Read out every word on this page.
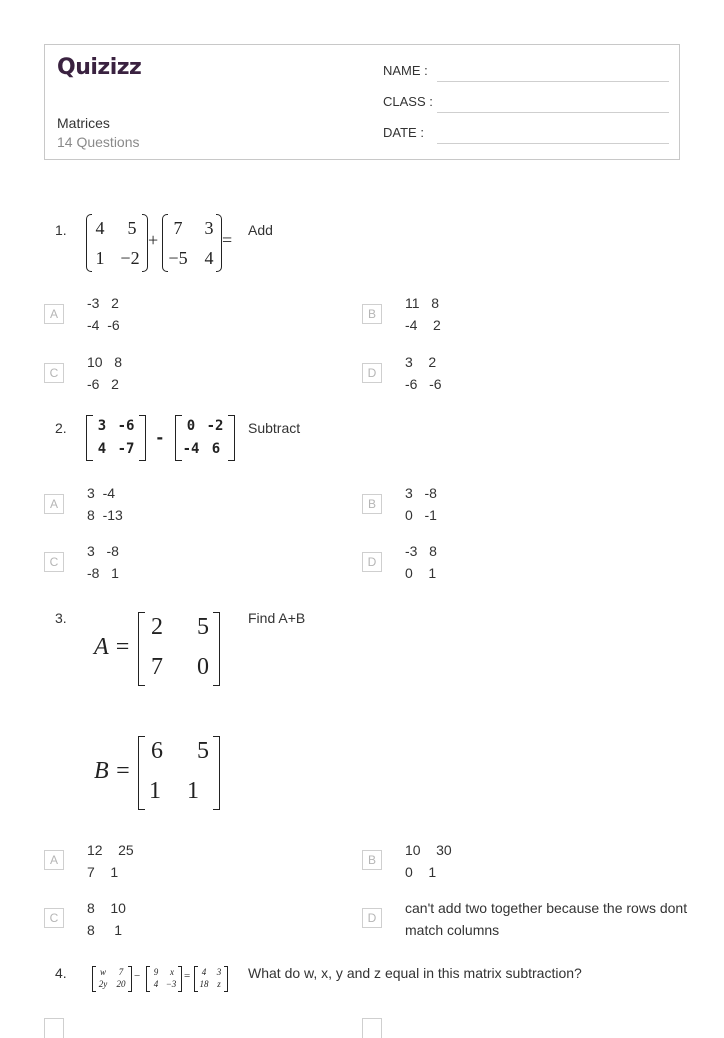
Quizizz
Matrices
14 Questions
NAME :
CLASS :
DATE :
1.	4	5
1 −2
+
7	3
−5 4
= Add
A
-3   2
-4  -6
B
11   8
-4    2
C
10   8
-6   2
D
3    2
-6   -6
2. 3 -6
4 -7
-
0 -2
-4 6
Subtract
A
3  -4
8  -13
B
3   -8
0   -1
C
3   -8
-8   1
D
-3   8
0    1
3.	Find A+B
A =
2 5
7 0
B =
6 5
1 1
A
12    25
7    1
B
10    30
0    1
C
8    10
8     1
D
can't add two together because the rows dont match columns
4.	w	7
2y	20
−	9	x
4 −3
=	4	3
18 z
What do w, x, y and z equal in this matrix subtraction?
